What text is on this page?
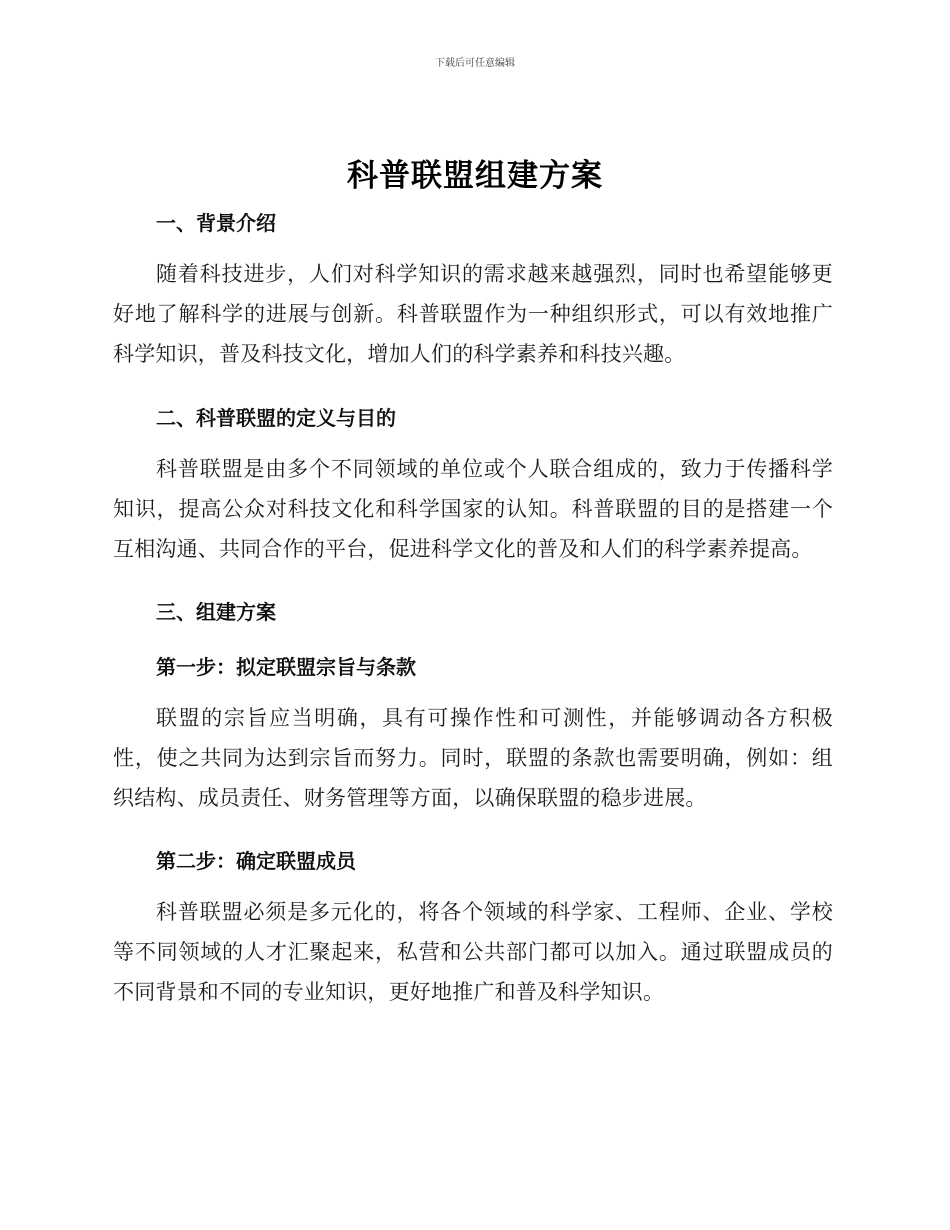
下载后可任意编辑
科普联盟组建方案
一、背景介绍
随着科技进步，人们对科学知识的需求越来越强烈，同时也希望能够更好地了解科学的进展与创新。科普联盟作为一种组织形式，可以有效地推广科学知识，普及科技文化，增加人们的科学素养和科技兴趣。
二、科普联盟的定义与目的
科普联盟是由多个不同领域的单位或个人联合组成的，致力于传播科学知识，提高公众对科技文化和科学国家的认知。科普联盟的目的是搭建一个互相沟通、共同合作的平台，促进科学文化的普及和人们的科学素养提高。
三、组建方案
第一步：拟定联盟宗旨与条款
联盟的宗旨应当明确，具有可操作性和可测性，并能够调动各方积极性，使之共同为达到宗旨而努力。同时，联盟的条款也需要明确，例如：组织结构、成员责任、财务管理等方面，以确保联盟的稳步进展。
第二步：确定联盟成员
科普联盟必须是多元化的，将各个领域的科学家、工程师、企业、学校等不同领域的人才汇聚起来，私营和公共部门都可以加入。通过联盟成员的不同背景和不同的专业知识，更好地推广和普及科学知识。
